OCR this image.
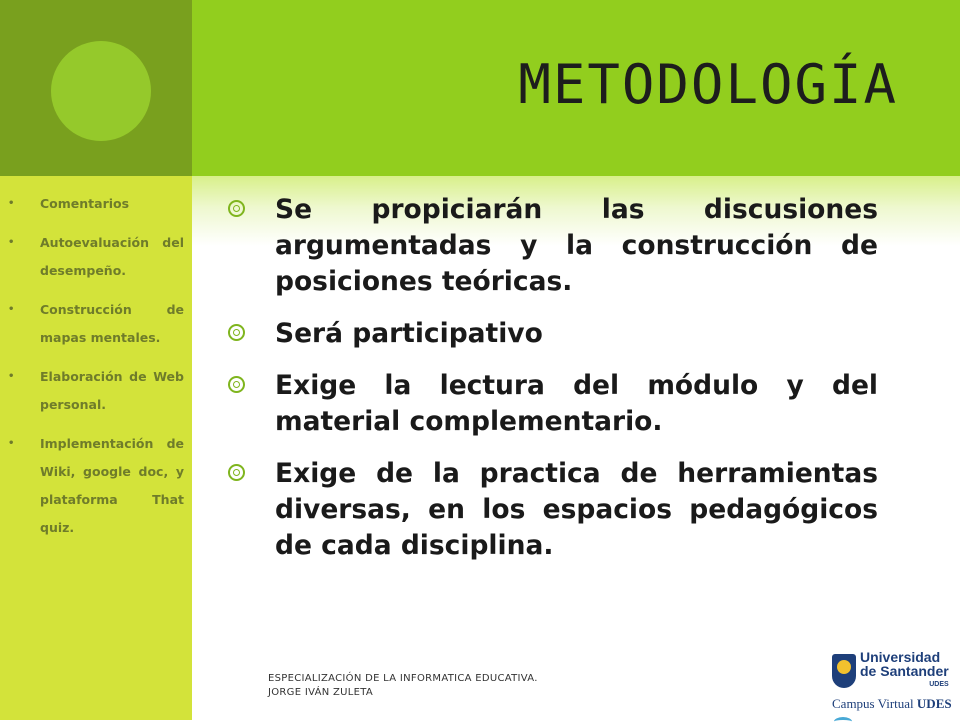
METODOLOGÍA
• Comentarios
• Autoevaluación del desempeño.
• Construcción de mapas mentales.
• Elaboración de Web personal.
• Implementación de Wiki, google doc, y plataforma That quiz.
Se propiciarán las discusiones argumentadas y la construcción de posiciones teóricas.
Será participativo
Exige la lectura del módulo y del material complementario.
Exige de la practica de herramientas diversas, en los espacios pedagógicos de cada disciplina.
ESPECIALIZACIÓN DE LA INFORMATICA EDUCATIVA.
JORGE IVÁN ZULETA
Universidad
de Santander
UDES
Campus Virtual UDES
